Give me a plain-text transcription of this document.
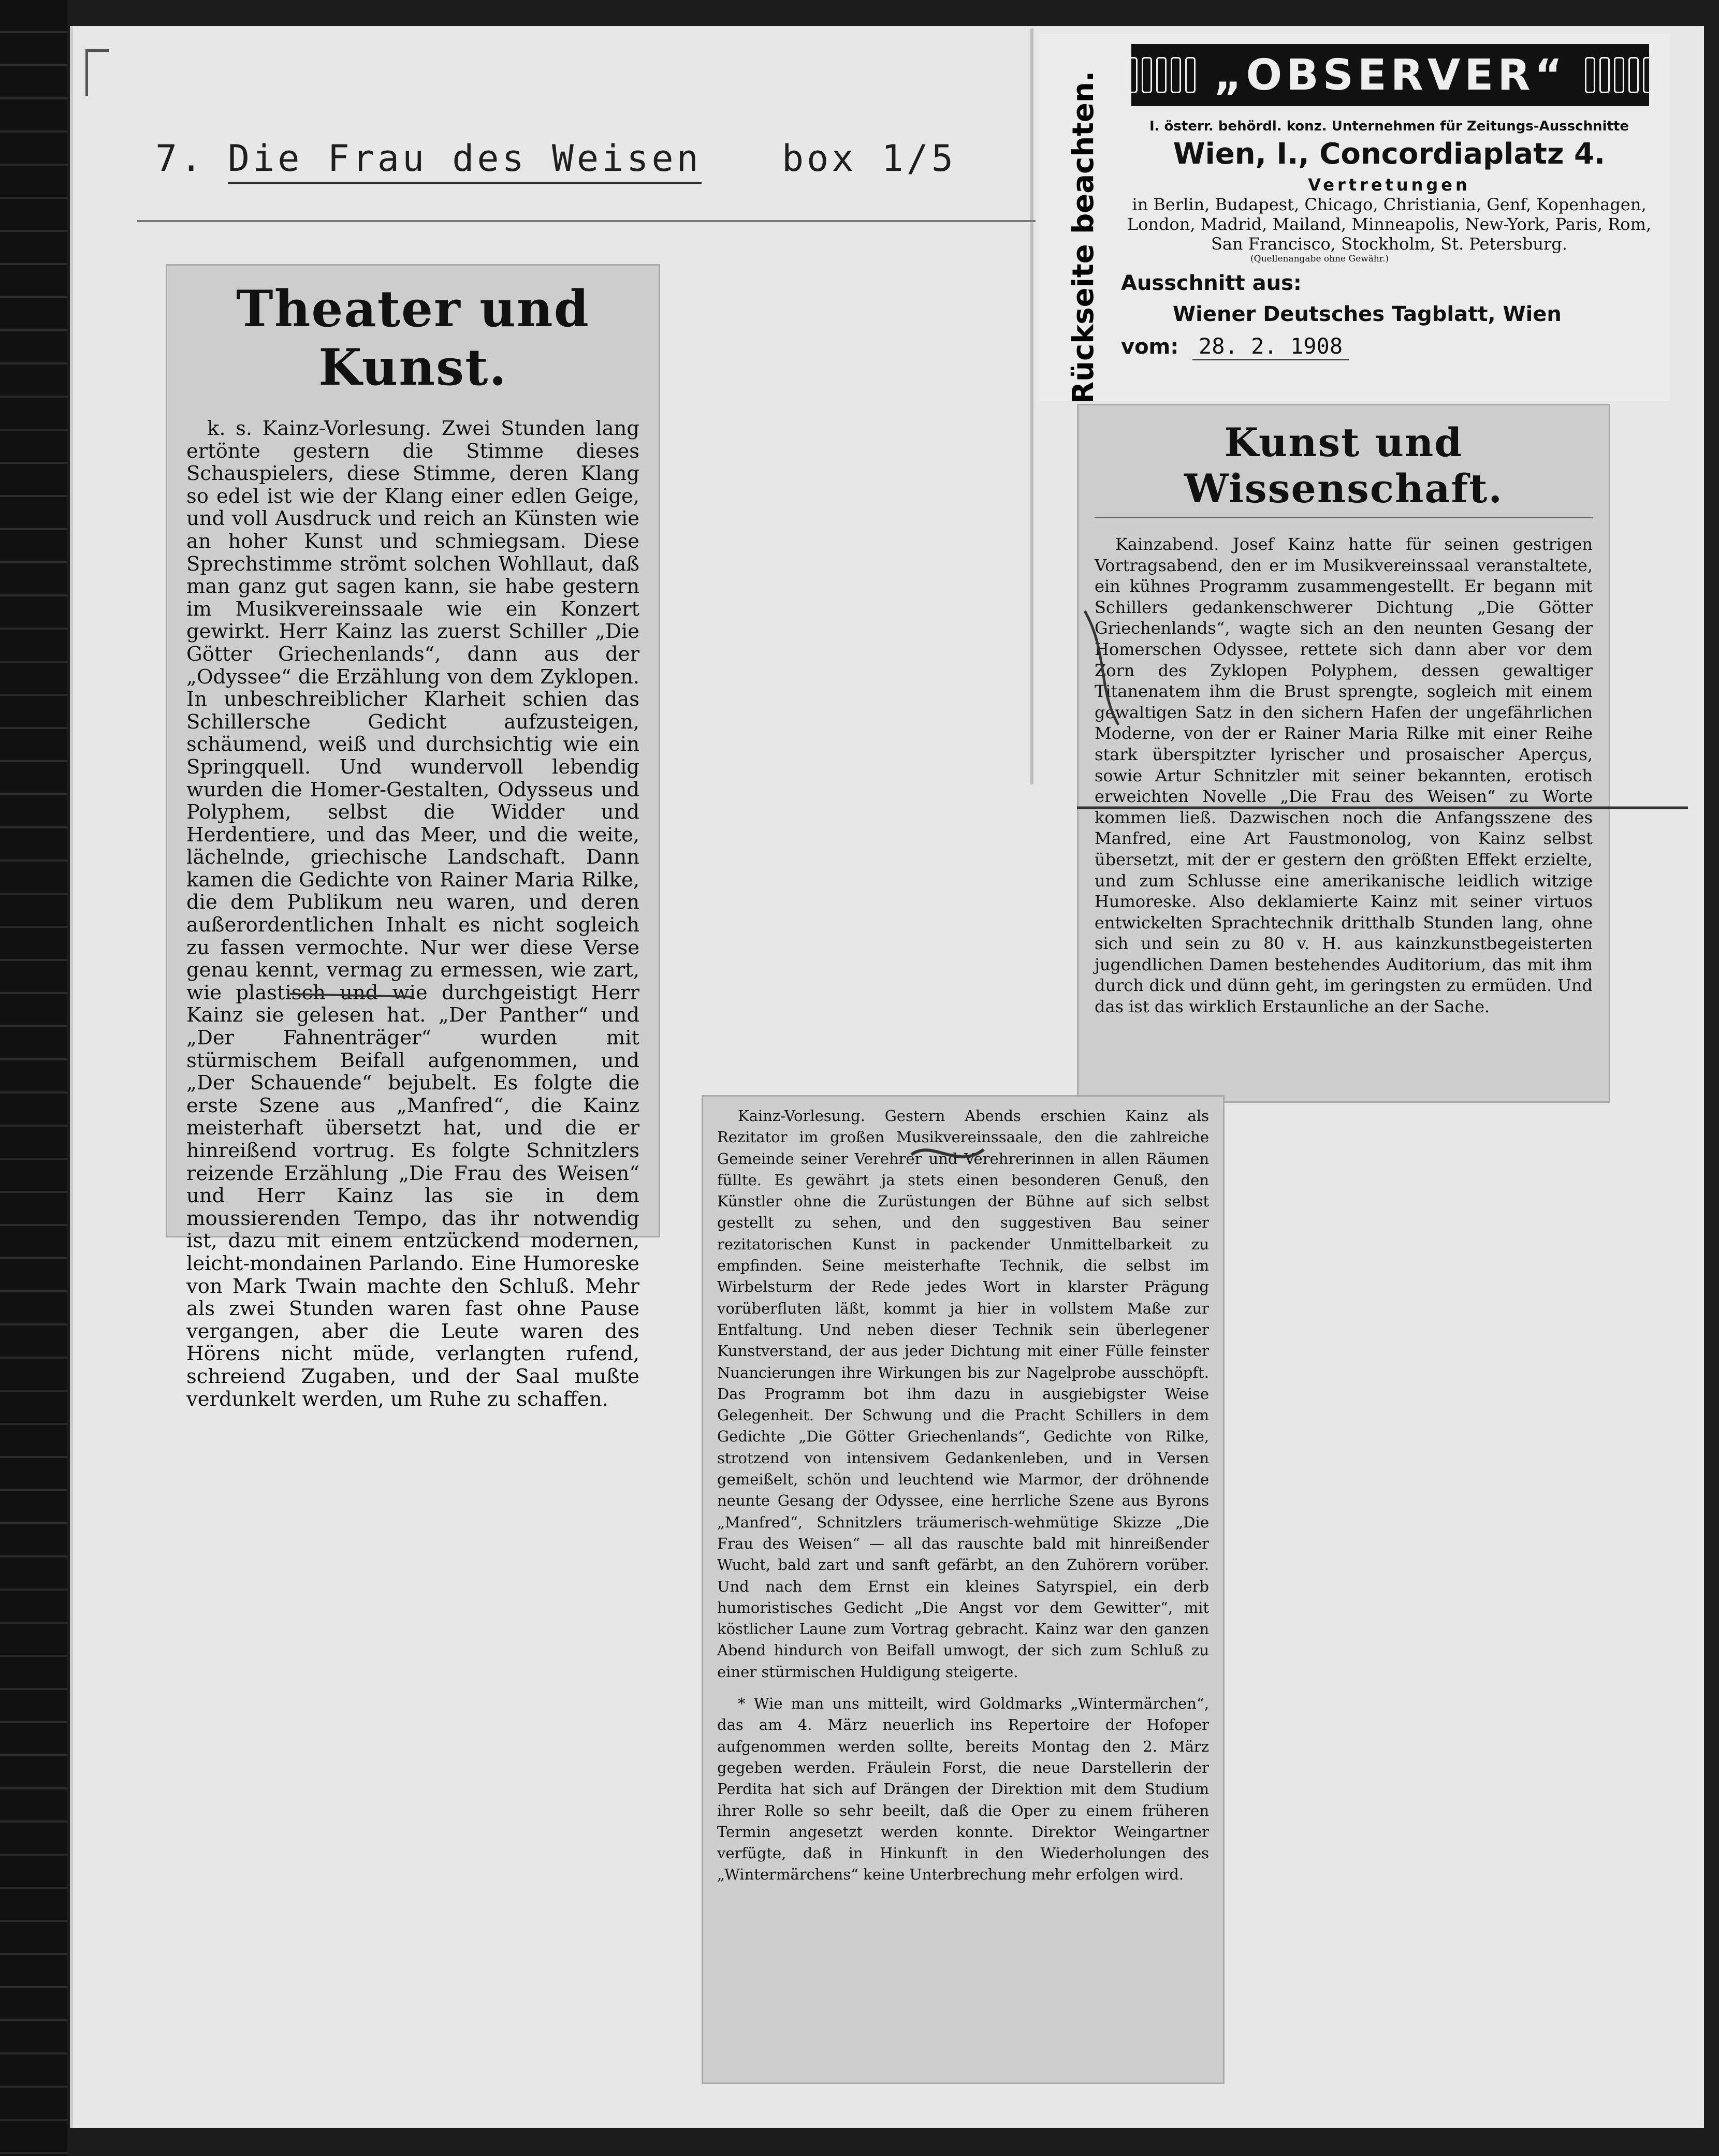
7. Die Frau des Weisen box 1/5
„OBSERVER“
I. österr. behördl. konz. Unternehmen für Zeitungs-Ausschnitte
Wien, I., Concordiaplatz 4.
Vertretungen
in Berlin, Budapest, Chicago, Christiania, Genf, Kopenhagen, London, Madrid, Mailand, Minneapolis, New-York, Paris, Rom, San Francisco, Stockholm, St. Petersburg.
(Quellenangabe ohne Gewähr.)
Ausschnitt aus:
Wiener Deutsches Tagblatt, Wien
vom: 28. 2. 1908
Rückseite beachten.
Theater und Kunst.

k. s. Kainz-Vorlesung. Zwei Stunden lang ertönte gestern die Stimme dieses Schauspielers, diese Stimme, deren Klang so edel ist wie der Klang einer edlen Geige, und voll Ausdruck und reich an Künsten wie an hoher Kunst und schmiegsam. Diese Sprechstimme strömt solchen Wohllaut, daß man ganz gut sagen kann, sie habe gestern im Musikvereinssaale wie ein Konzert gewirkt. Herr Kainz las zuerst Schiller „Die Götter Griechenlands“, dann aus der „Odyssee“ die Erzählung von dem Zyklopen. In unbeschreiblicher Klarheit schien das Schillersche Gedicht aufzusteigen, schäumend, weiß und durchsichtig wie ein Springquell. Und wundervoll lebendig wurden die Homer-Gestalten, Odysseus und Polyphem, selbst die Widder und Herdentiere, und das Meer, und die weite, lächelnde, griechische Landschaft. Dann kamen die Gedichte von Rainer Maria Rilke, die dem Publikum neu waren, und deren außerordentlichen Inhalt es nicht sogleich zu fassen vermochte. Nur wer diese Verse genau kennt, vermag zu ermessen, wie zart, wie plastisch und wie durchgeistigt Herr Kainz sie gelesen hat. „Der Panther“ und „Der Fahnenträger“ wurden mit stürmischem Beifall aufgenommen, und „Der Schauende“ bejubelt. Es folgte die erste Szene aus „Manfred“, die Kainz meisterhaft übersetzt hat, und die er hinreißend vortrug. Es folgte Schnitzlers reizende Erzählung „Die Frau des Weisen“ und Herr Kainz las sie in dem moussierenden Tempo, das ihr notwendig ist, dazu mit einem entzückend modernen, leicht-mondainen Parlando. Eine Humoreske von Mark Twain machte den Schluß. Mehr als zwei Stunden waren fast ohne Pause vergangen, aber die Leute waren des Hörens nicht müde, verlangten rufend, schreiend Zugaben, und der Saal mußte verdunkelt werden, um Ruhe zu schaffen.

Kunst und Wissenschaft.

Kainzabend. Josef Kainz hatte für seinen gestrigen Vortragsabend, den er im Musikvereinssaal veranstaltete, ein kühnes Programm zusammengestellt. Er begann mit Schillers gedankenschwerer Dichtung „Die Götter Griechenlands“, wagte sich an den neunten Gesang der Homerschen Odyssee, rettete sich dann aber vor dem Zorn des Zyklopen Polyphem, dessen gewaltiger Titanenatem ihm die Brust sprengte, sogleich mit einem gewaltigen Satz in den sichern Hafen der ungefährlichen Moderne, von der er Rainer Maria Rilke mit einer Reihe stark überspitzter lyrischer und prosaischer Aperçus, sowie Artur Schnitzler mit seiner bekannten, erotisch erweichten Novelle „Die Frau des Weisen“ zu Worte kommen ließ. Dazwischen noch die Anfangsszene des Manfred, eine Art Faustmonolog, von Kainz selbst übersetzt, mit der er gestern den größten Effekt erzielte, und zum Schlusse eine amerikanische leidlich witzige Humoreske. Also deklamierte Kainz mit seiner virtuos entwickelten Sprachtechnik dritthalb Stunden lang, ohne sich und sein zu 80 v. H. aus kainzkunstbegeisterten jugendlichen Damen bestehendes Auditorium, das mit ihm durch dick und dünn geht, im geringsten zu ermüden. Und das ist das wirklich Erstaunliche an der Sache.

Kainz-Vorlesung. Gestern Abends erschien Kainz als Rezitator im großen Musikvereinssaale, den die zahlreiche Gemeinde seiner Verehrer und Verehrerinnen in allen Räumen füllte. Es gewährt ja stets einen besonderen Genuß, den Künstler ohne die Zurüstungen der Bühne auf sich selbst gestellt zu sehen, und den suggestiven Bau seiner rezitatorischen Kunst in packender Unmittelbarkeit zu empfinden. Seine meisterhafte Technik, die selbst im Wirbelsturm der Rede jedes Wort in klarster Prägung vorüberfluten läßt, kommt ja hier in vollstem Maße zur Entfaltung. Und neben dieser Technik sein überlegener Kunstverstand, der aus jeder Dichtung mit einer Fülle feinster Nuancierungen ihre Wirkungen bis zur Nagelprobe ausschöpft. Das Programm bot ihm dazu in ausgiebigster Weise Gelegenheit. Der Schwung und die Pracht Schillers in dem Gedichte „Die Götter Griechenlands“, Gedichte von Rilke, strotzend von intensivem Gedankenleben, und in Versen gemeißelt, schön und leuchtend wie Marmor, der dröhnende neunte Gesang der Odyssee, eine herrliche Szene aus Byrons „Manfred“, Schnitzlers träumerisch-wehmütige Skizze „Die Frau des Weisen“ — all das rauschte bald mit hinreißender Wucht, bald zart und sanft gefärbt, an den Zuhörern vorüber. Und nach dem Ernst ein kleines Satyrspiel, ein derb humoristisches Gedicht „Die Angst vor dem Gewitter“, mit köstlicher Laune zum Vortrag gebracht. Kainz war den ganzen Abend hindurch von Beifall umwogt, der sich zum Schluß zu einer stürmischen Huldigung steigerte.

* Wie man uns mitteilt, wird Goldmarks „Wintermärchen“, das am 4. März neuerlich ins Repertoire der Hofoper aufgenommen werden sollte, bereits Montag den 2. März gegeben werden. Fräulein Forst, die neue Darstellerin der Perdita hat sich auf Drängen der Direktion mit dem Studium ihrer Rolle so sehr beeilt, daß die Oper zu einem früheren Termin angesetzt werden konnte. Direktor Weingartner verfügte, daß in Hinkunft in den Wiederholungen des „Wintermärchens“ keine Unterbrechung mehr erfolgen wird.
